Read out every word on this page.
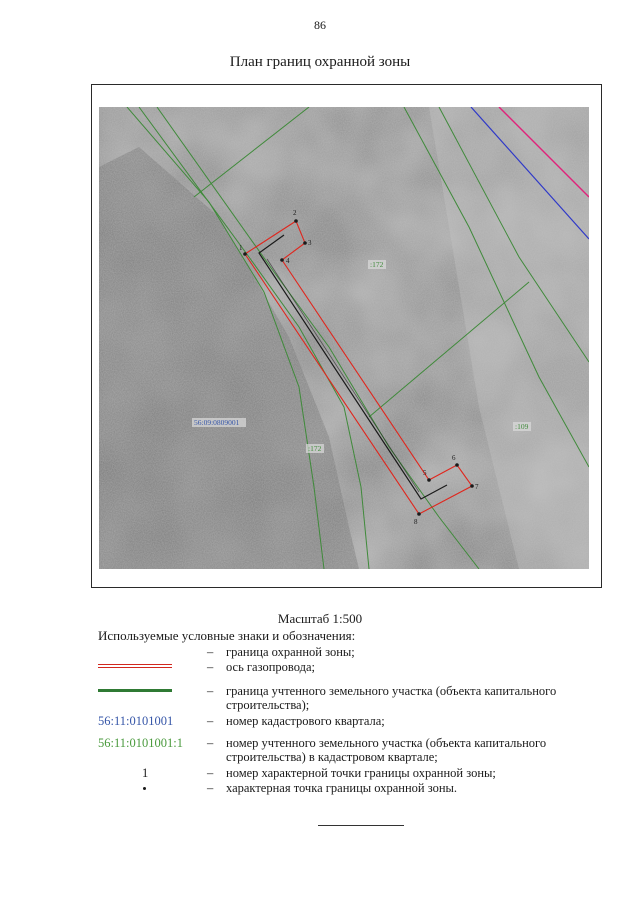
86
План границ охранной зоны
1
2
3
4
5
6
7
8
:172
:172
:109
56:09:0809001
Масштаб 1:500
Используемые условные знаки и обозначения:
– граница охранной зоны;
– ось газопровода;
– граница учтенного земельного участка (объекта капитального строительства);
56:11:0101001	– номер кадастрового квартала;
56:11:0101001:1	– номер учтенного земельного участка (объекта капитального строительства) в кадастровом квартале;
1	– номер характерной точки границы охранной зоны;
– характерная точка границы охранной зоны.
